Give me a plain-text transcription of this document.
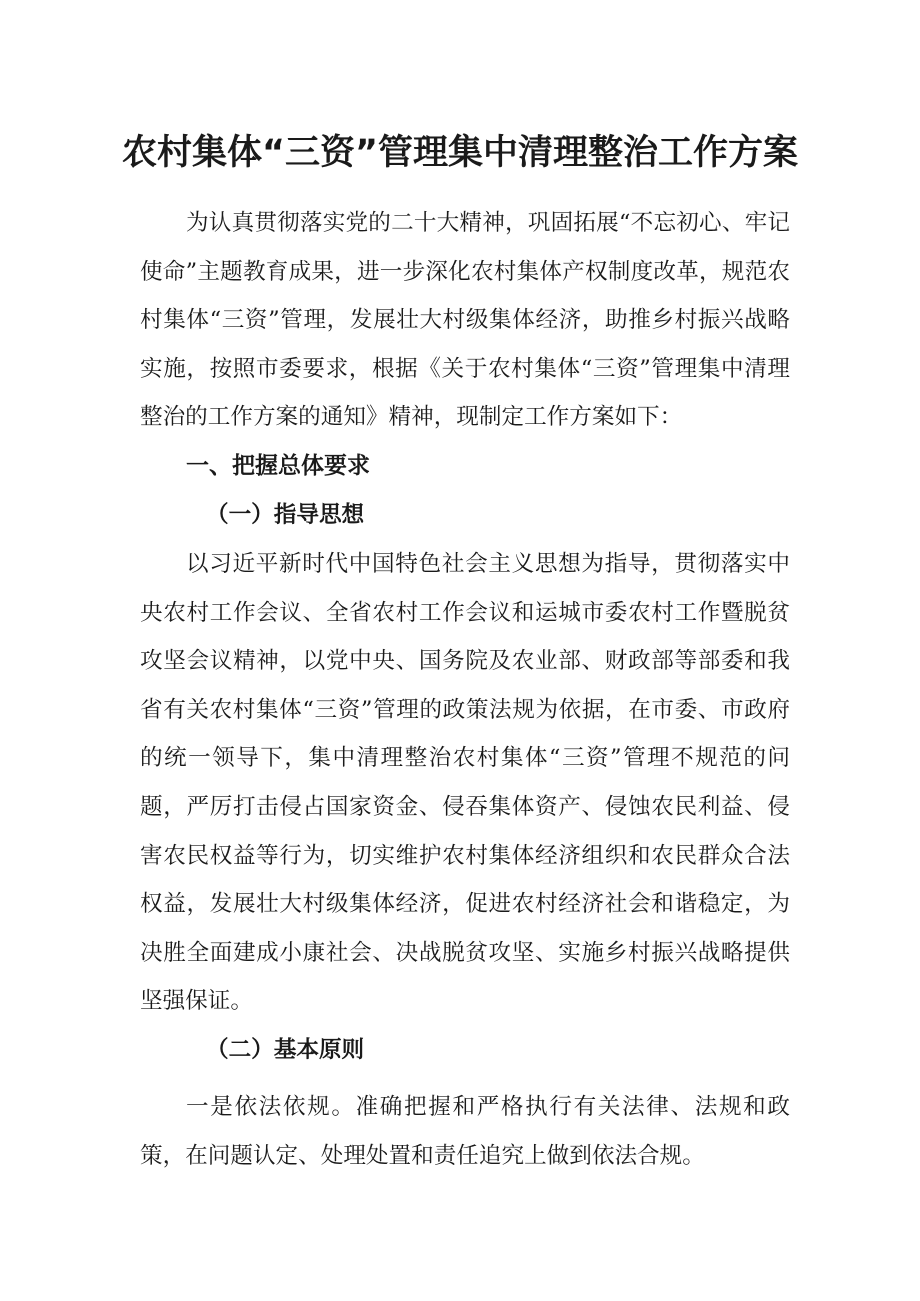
农村集体“三资”管理集中清理整治工作方案

为认真贯彻落实党的二十大精神，巩固拓展“不忘初心、牢记使命”主题教育成果，进一步深化农村集体产权制度改革，规范农村集体“三资”管理，发展壮大村级集体经济，助推乡村振兴战略实施，按照市委要求，根据《关于农村集体“三资”管理集中清理整治的工作方案的通知》精神，现制定工作方案如下：

一、把握总体要求
（一）指导思想

以习近平新时代中国特色社会主义思想为指导，贯彻落实中央农村工作会议、全省农村工作会议和运城市委农村工作暨脱贫攻坚会议精神，以党中央、国务院及农业部、财政部等部委和我省有关农村集体“三资”管理的政策法规为依据，在市委、市政府的统一领导下，集中清理整治农村集体“三资”管理不规范的问题，严厉打击侵占国家资金、侵吞集体资产、侵蚀农民利益、侵害农民权益等行为，切实维护农村集体经济组织和农民群众合法权益，发展壮大村级集体经济，促进农村经济社会和谐稳定，为决胜全面建成小康社会、决战脱贫攻坚、实施乡村振兴战略提供坚强保证。

（二）基本原则

一是依法依规。准确把握和严格执行有关法律、法规和政策，在问题认定、处理处置和责任追究上做到依法合规。
